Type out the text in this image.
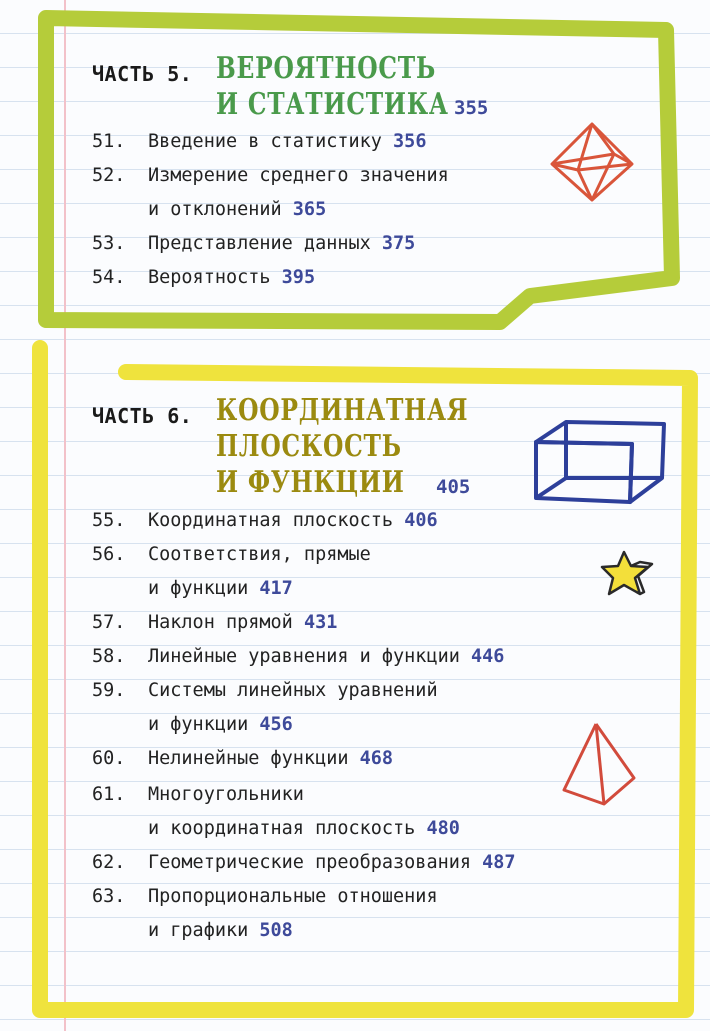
ЧАСТЬ 5. ВЕРОЯТНОСТЬ
И СТАТИСТИКА 355
51. Введение в статистику 356
52. Измерение среднего значения
и отклонений 365
53. Представление данных 375
54. Вероятность 395
ЧАСТЬ 6. КООРДИНАТНАЯ
ПЛОСКОСТЬ
И ФУНКЦИИ 405
55. Координатная плоскость 406
56. Соответствия, прямые
и функции 417
57. Наклон прямой 431
58. Линейные уравнения и функции 446
59. Системы линейных уравнений
и функции 456
60. Нелинейные функции 468
61. Многоугольники
и координатная плоскость 480
62. Геометрические преобразования 487
63. Пропорциональные отношения
и графики 508
